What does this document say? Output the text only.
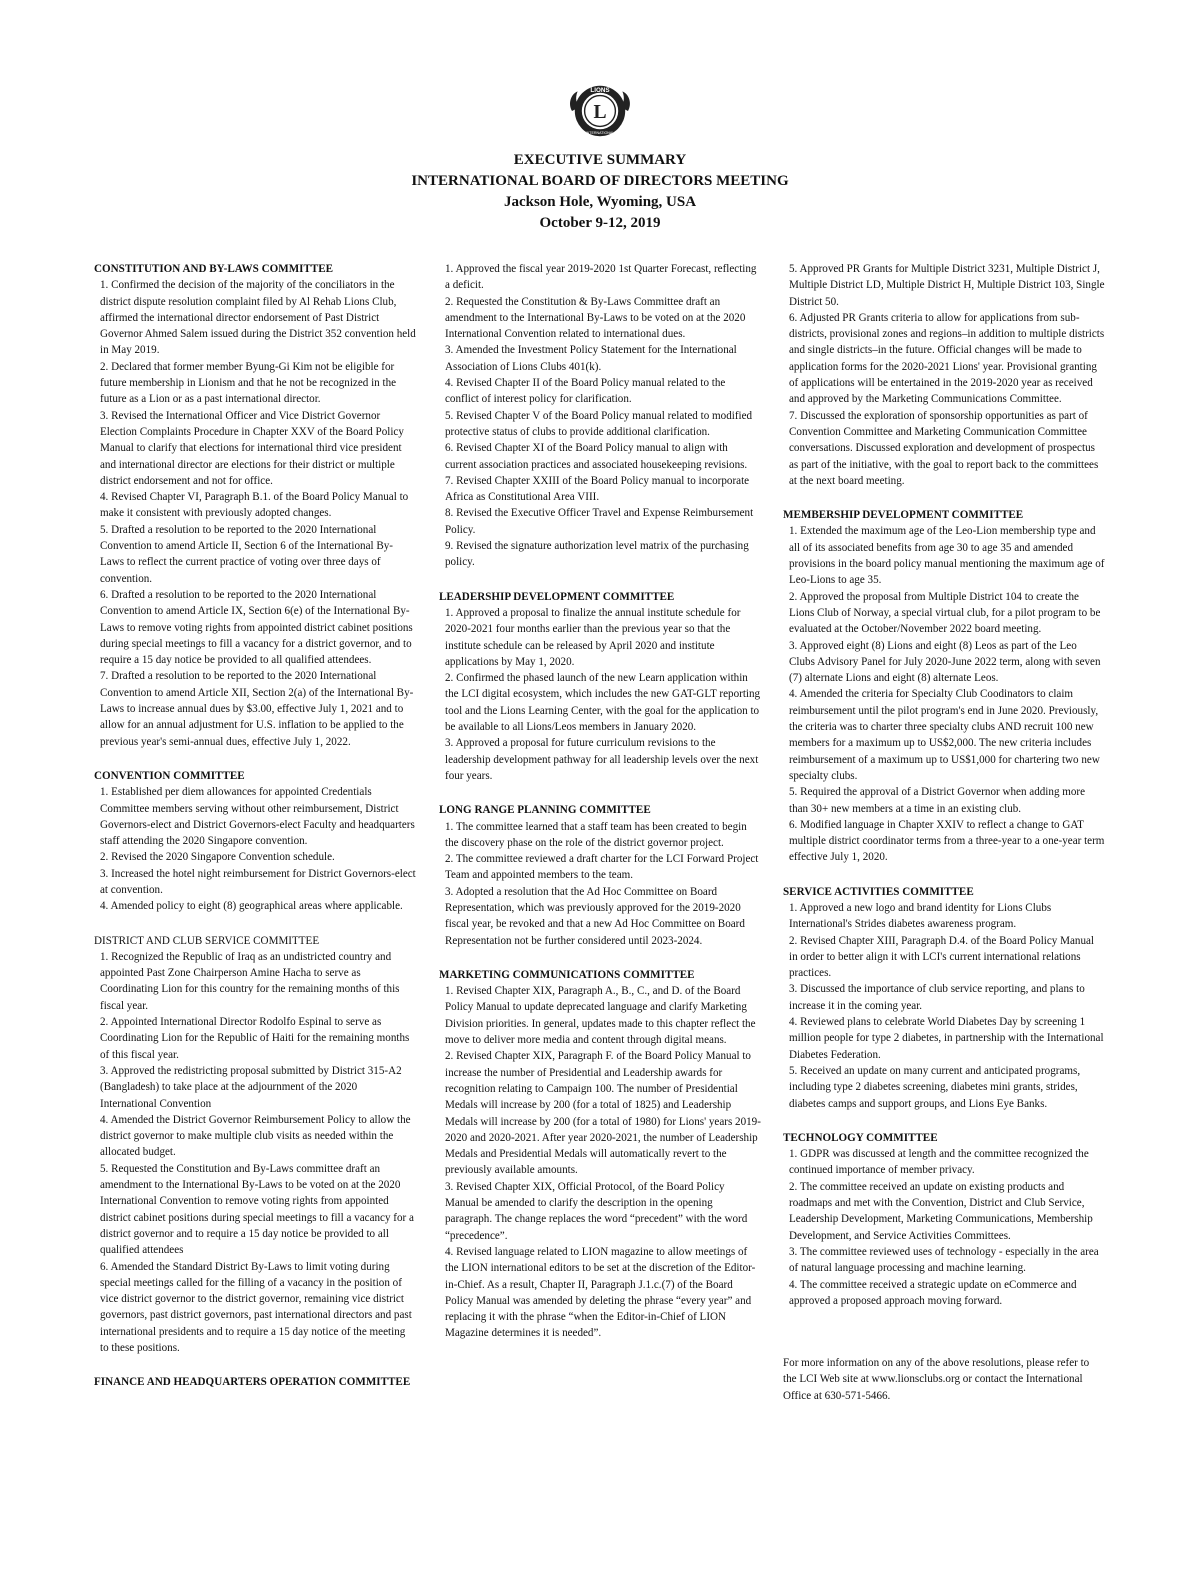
L
LIONS
INTERNATIONAL
EXECUTIVE SUMMARY
INTERNATIONAL BOARD OF DIRECTORS MEETING
Jackson Hole, Wyoming, USA
October 9-12, 2019

CONSTITUTION AND BY-LAWS COMMITTEE

1. Confirmed the decision of the majority of the conciliators in the district dispute resolution complaint filed by Al Rehab Lions Club, affirmed the international director endorsement of Past District Governor Ahmed Salem issued during the District 352 convention held in May 2019.

2. Declared that former member Byung-Gi Kim not be eligible for future membership in Lionism and that he not be recognized in the future as a Lion or as a past international director.

3. Revised the International Officer and Vice District Governor Election Complaints Procedure in Chapter XXV of the Board Policy Manual to clarify that elections for international third vice president and international director are elections for their district or multiple district endorsement and not for office.

4. Revised Chapter VI, Paragraph B.1. of the Board Policy Manual to make it consistent with previously adopted changes.

5. Drafted a resolution to be reported to the 2020 International Convention to amend Article II, Section 6 of the International By-Laws to reflect the current practice of voting over three days of convention.

6. Drafted a resolution to be reported to the 2020 International Convention to amend Article IX, Section 6(e) of the International By-Laws to remove voting rights from appointed district cabinet positions during special meetings to fill a vacancy for a district governor, and to require a 15 day notice be provided to all qualified attendees.

7. Drafted a resolution to be reported to the 2020 International Convention to amend Article XII, Section 2(a) of the International By-Laws to increase annual dues by $3.00, effective July 1, 2021 and to allow for an annual adjustment for U.S. inflation to be applied to the previous year's semi-annual dues, effective July 1, 2022.

CONVENTION COMMITTEE

1. Established per diem allowances for appointed Credentials Committee members serving without other reimbursement, District Governors-elect and District Governors-elect Faculty and headquarters staff attending the 2020 Singapore convention.

2. Revised the 2020 Singapore Convention schedule.

3. Increased the hotel night reimbursement for District Governors-elect at convention.

4. Amended policy to eight (8) geographical areas where applicable.

DISTRICT AND CLUB SERVICE COMMITTEE

1. Recognized the Republic of Iraq as an undistricted country and appointed Past Zone Chairperson Amine Hacha to serve as Coordinating Lion for this country for the remaining months of this fiscal year.

2. Appointed International Director Rodolfo Espinal to serve as Coordinating Lion for the Republic of Haiti for the remaining months of this fiscal year.

3. Approved the redistricting proposal submitted by District 315-A2 (Bangladesh) to take place at the adjournment of the 2020 International Convention

4. Amended the District Governor Reimbursement Policy to allow the district governor to make multiple club visits as needed within the allocated budget.

5. Requested the Constitution and By-Laws committee draft an amendment to the International By-Laws to be voted on at the 2020 International Convention to remove voting rights from appointed district cabinet positions during special meetings to fill a vacancy for a district governor and to require a 15 day notice be provided to all qualified attendees

6. Amended the Standard District By-Laws to limit voting during special meetings called for the filling of a vacancy in the position of vice district governor to the district governor, remaining vice district governors, past district governors, past international directors and past international presidents and to require a 15 day notice of the meeting to these positions.

FINANCE AND HEADQUARTERS OPERATION COMMITTEE

1. Approved the fiscal year 2019-2020 1st Quarter Forecast, reflecting a deficit.

2. Requested the Constitution & By-Laws Committee draft an amendment to the International By-Laws to be voted on at the 2020 International Convention related to international dues.

3. Amended the Investment Policy Statement for the International Association of Lions Clubs 401(k).

4. Revised Chapter II of the Board Policy manual related to the conflict of interest policy for clarification.

5. Revised Chapter V of the Board Policy manual related to modified protective status of clubs to provide additional clarification.

6. Revised Chapter XI of the Board Policy manual to align with current association practices and associated housekeeping revisions.

7. Revised Chapter XXIII of the Board Policy manual to incorporate Africa as Constitutional Area VIII.

8. Revised the Executive Officer Travel and Expense Reimbursement Policy.

9. Revised the signature authorization level matrix of the purchasing policy.

LEADERSHIP DEVELOPMENT COMMITTEE

1. Approved a proposal to finalize the annual institute schedule for 2020-2021 four months earlier than the previous year so that the institute schedule can be released by April 2020 and institute applications by May 1, 2020.

2. Confirmed the phased launch of the new Learn application within the LCI digital ecosystem, which includes the new GAT-GLT reporting tool and the Lions Learning Center, with the goal for the application to be available to all Lions/Leos members in January 2020.

3. Approved a proposal for future curriculum revisions to the leadership development pathway for all leadership levels over the next four years.

LONG RANGE PLANNING COMMITTEE

1. The committee learned that a staff team has been created to begin the discovery phase on the role of the district governor project.

2. The committee reviewed a draft charter for the LCI Forward Project Team and appointed members to the team.

3. Adopted a resolution that the Ad Hoc Committee on Board Representation, which was previously approved for the 2019-2020 fiscal year, be revoked and that a new Ad Hoc Committee on Board Representation not be further considered until 2023-2024.

MARKETING COMMUNICATIONS COMMITTEE

1. Revised Chapter XIX, Paragraph A., B., C., and D. of the Board Policy Manual to update deprecated language and clarify Marketing Division priorities. In general, updates made to this chapter reflect the move to deliver more media and content through digital means.

2. Revised Chapter XIX, Paragraph F. of the Board Policy Manual to increase the number of Presidential and Leadership awards for recognition relating to Campaign 100. The number of Presidential Medals will increase by 200 (for a total of 1825) and Leadership Medals will increase by 200 (for a total of 1980) for Lions' years 2019-2020 and 2020-2021. After year 2020-2021, the number of Leadership Medals and Presidential Medals will automatically revert to the previously available amounts.

3. Revised Chapter XIX, Official Protocol, of the Board Policy Manual be amended to clarify the description in the opening paragraph. The change replaces the word “precedent” with the word “precedence”.

4. Revised language related to LION magazine to allow meetings of the LION international editors to be set at the discretion of the Editor-in-Chief. As a result, Chapter II, Paragraph J.1.c.(7) of the Board Policy Manual was amended by deleting the phrase “every year” and replacing it with the phrase “when the Editor-in-Chief of LION Magazine determines it is needed”.

5. Approved PR Grants for Multiple District 3231, Multiple District J, Multiple District LD, Multiple District H, Multiple District 103, Single District 50.

6. Adjusted PR Grants criteria to allow for applications from sub-districts, provisional zones and regions–in addition to multiple districts and single districts–in the future. Official changes will be made to application forms for the 2020-2021 Lions' year. Provisional granting of applications will be entertained in the 2019-2020 year as received and approved by the Marketing Communications Committee.

7. Discussed the exploration of sponsorship opportunities as part of Convention Committee and Marketing Communication Committee conversations. Discussed exploration and development of prospectus as part of the initiative, with the goal to report back to the committees at the next board meeting.

MEMBERSHIP DEVELOPMENT COMMITTEE

1. Extended the maximum age of the Leo-Lion membership type and all of its associated benefits from age 30 to age 35 and amended provisions in the board policy manual mentioning the maximum age of Leo-Lions to age 35.

2. Approved the proposal from Multiple District 104 to create the Lions Club of Norway, a special virtual club, for a pilot program to be evaluated at the October/November 2022 board meeting.

3. Approved eight (8) Lions and eight (8) Leos as part of the Leo Clubs Advisory Panel for July 2020-June 2022 term, along with seven (7) alternate Lions and eight (8) alternate Leos.

4. Amended the criteria for Specialty Club Coodinators to claim reimbursement until the pilot program's end in June 2020. Previously, the criteria was to charter three specialty clubs AND recruit 100 new members for a maximum up to US$2,000. The new criteria includes reimbursement of a maximum up to US$1,000 for chartering two new specialty clubs.

5. Required the approval of a District Governor when adding more than 30+ new members at a time in an existing club.

6. Modified language in Chapter XXIV to reflect a change to GAT multiple district coordinator terms from a three-year to a one-year term effective July 1, 2020.

SERVICE ACTIVITIES COMMITTEE

1. Approved a new logo and brand identity for Lions Clubs International's Strides diabetes awareness program.

2. Revised Chapter XIII, Paragraph D.4. of the Board Policy Manual in order to better align it with LCI's current international relations practices.

3. Discussed the importance of club service reporting, and plans to increase it in the coming year.

4. Reviewed plans to celebrate World Diabetes Day by screening 1 million people for type 2 diabetes, in partnership with the International Diabetes Federation.

5. Received an update on many current and anticipated programs, including type 2 diabetes screening, diabetes mini grants, strides, diabetes camps and support groups, and Lions Eye Banks.

TECHNOLOGY COMMITTEE

1. GDPR was discussed at length and the committee recognized the continued importance of member privacy.

2. The committee received an update on existing products and roadmaps and met with the Convention, District and Club Service, Leadership Development, Marketing Communications, Membership Development, and Service Activities Committees.

3. The committee reviewed uses of technology - especially in the area of natural language processing and machine learning.

4. The committee received a strategic update on eCommerce and approved a proposed approach moving forward.

For more information on any of the above resolutions, please refer to the LCI Web site at www.lionsclubs.org or contact the International Office at 630-571-5466.
